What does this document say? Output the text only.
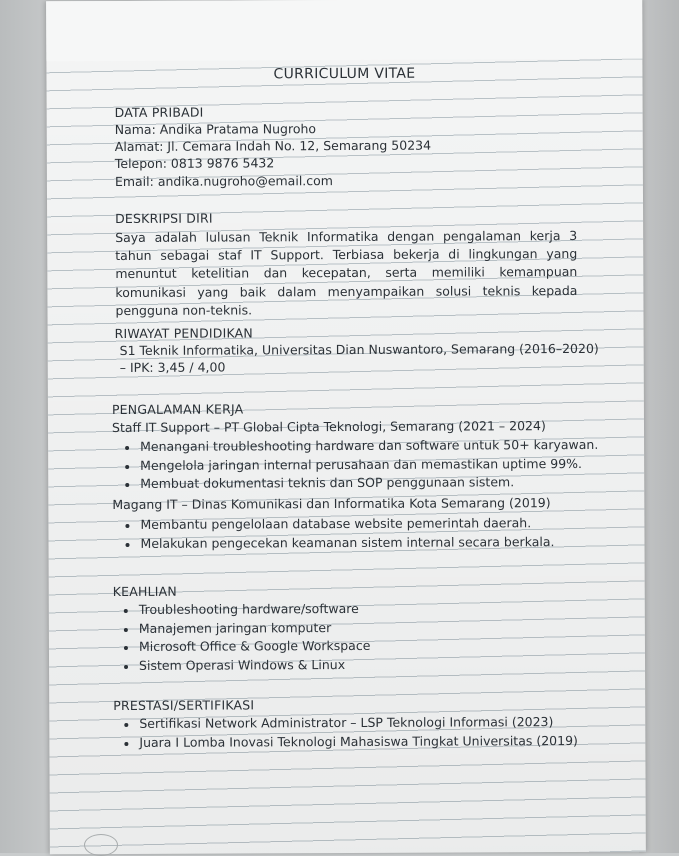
CURRICULUM VITAE
DATA PRIBADI
Nama: Andika Pratama Nugroho
Alamat: Jl. Cemara Indah No. 12, Semarang 50234
Telepon: 0813 9876 5432
Email: andika.nugroho@email.com
DESKRIPSI DIRI
Saya adalah lulusan Teknik Informatika dengan pengalaman kerja 3 tahun sebagai staf IT Support. Terbiasa bekerja di lingkungan yang menuntut ketelitian dan kecepatan, serta memiliki kemampuan komunikasi yang baik dalam menyampaikan solusi teknis kepada pengguna non-teknis.
RIWAYAT PENDIDIKAN
S1 Teknik Informatika, Universitas Dian Nuswantoro, Semarang (2016–2020)
– IPK: 3,45 / 4,00
PENGALAMAN KERJA
Staff IT Support – PT Global Cipta Teknologi, Semarang (2021 – 2024)
Menangani troubleshooting hardware dan software untuk 50+ karyawan.
Mengelola jaringan internal perusahaan dan memastikan uptime 99%.
Membuat dokumentasi teknis dan SOP penggunaan sistem.
Magang IT – Dinas Komunikasi dan Informatika Kota Semarang (2019)
Membantu pengelolaan database website pemerintah daerah.
Melakukan pengecekan keamanan sistem internal secara berkala.
KEAHLIAN
Troubleshooting hardware/software
Manajemen jaringan komputer
Microsoft Office & Google Workspace
Sistem Operasi Windows & Linux
PRESTASI/SERTIFIKASI
Sertifikasi Network Administrator – LSP Teknologi Informasi (2023)
Juara I Lomba Inovasi Teknologi Mahasiswa Tingkat Universitas (2019)
